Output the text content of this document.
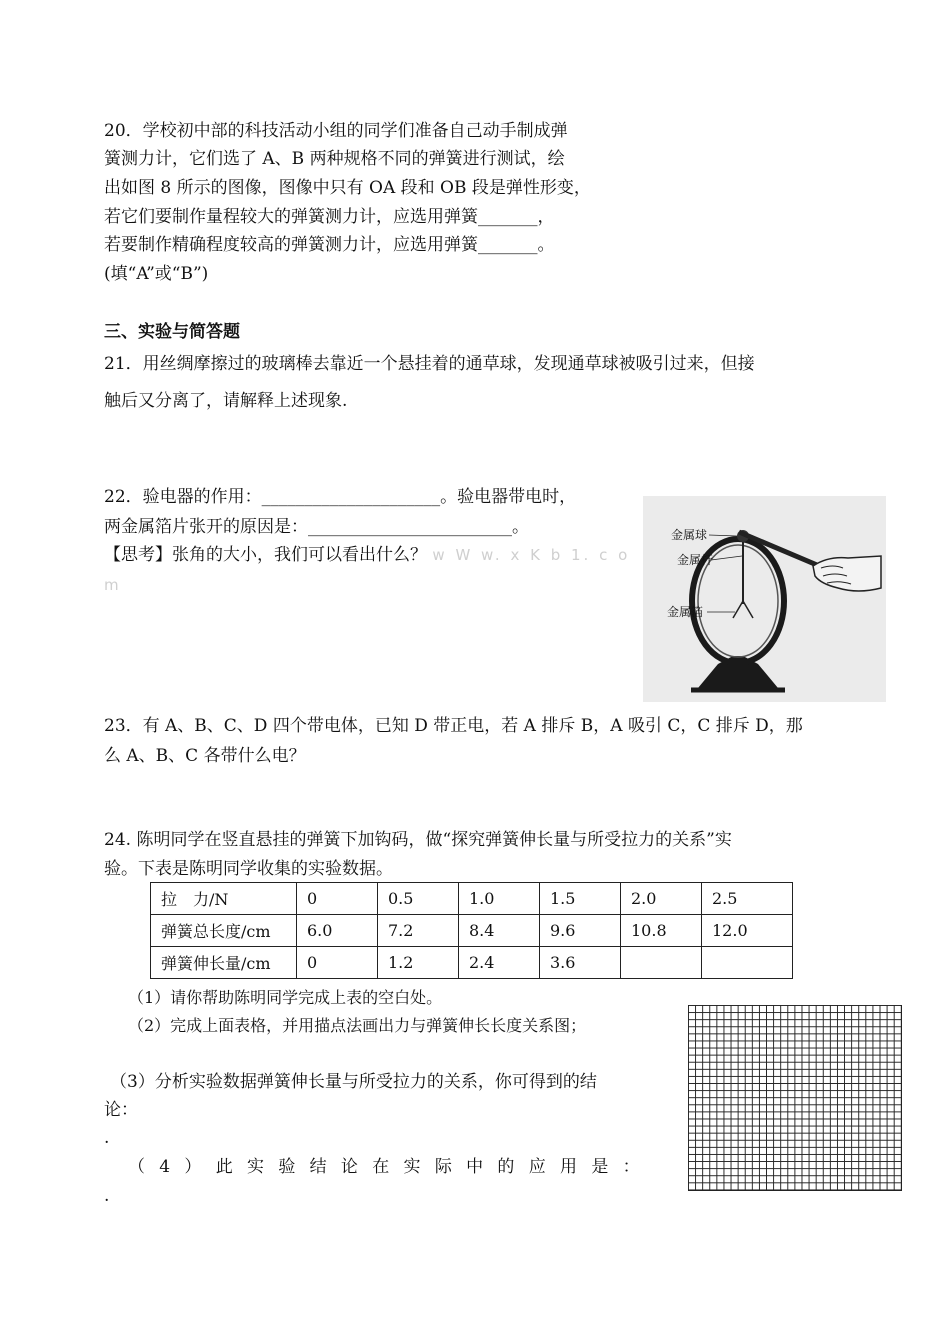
20．学校初中部的科技活动小组的同学们准备自己动手制成弹
簧测力计，它们选了 A、B 两种规格不同的弹簧进行测试，绘
出如图 8 所示的图像，图像中只有 OA 段和 OB 段是弹性形变，
若它们要制作量程较大的弹簧测力计，应选用弹簧_______，
若要制作精确程度较高的弹簧测力计，应选用弹簧_______。
(填“A”或“B”)
三、实验与简答题
21．用丝绸摩擦过的玻璃棒去靠近一个悬挂着的通草球，发现通草球被吸引过来，但接
触后又分离了，请解释上述现象.
22．验电器的作用：_____________________。验电器带电时，
两金属箔片张开的原因是：________________________。
【思考】张角的大小，我们可以看出什么？ w W w. x K b 1. c o
m
金属球
金属杆
金属箔
23．有 A、B、C、D 四个带电体，已知 D 带正电，若 A 排斥 B，A 吸引 C，C 排斥 D，那
么 A、B、C 各带什么电？
24. 陈明同学在竖直悬挂的弹簧下加钩码，做“探究弹簧伸长量与所受拉力的关系”实
验。下表是陈明同学收集的实验数据。
拉　力/N	0	0.5	1.0	1.5	2.0	2.5
弹簧总长度/cm	6.0	7.2	8.4	9.6	10.8	12.0
弹簧伸长量/cm	0	1.2	2.4	3.6		
（1）请你帮助陈明同学完成上表的空白处。
（2）完成上面表格，并用描点法画出力与弹簧伸长长度关系图；
（3）分析实验数据弹簧伸长量与所受拉力的关系，你可得到的结
论：
.
（4）此实验结论在实际中的应用是：
.
